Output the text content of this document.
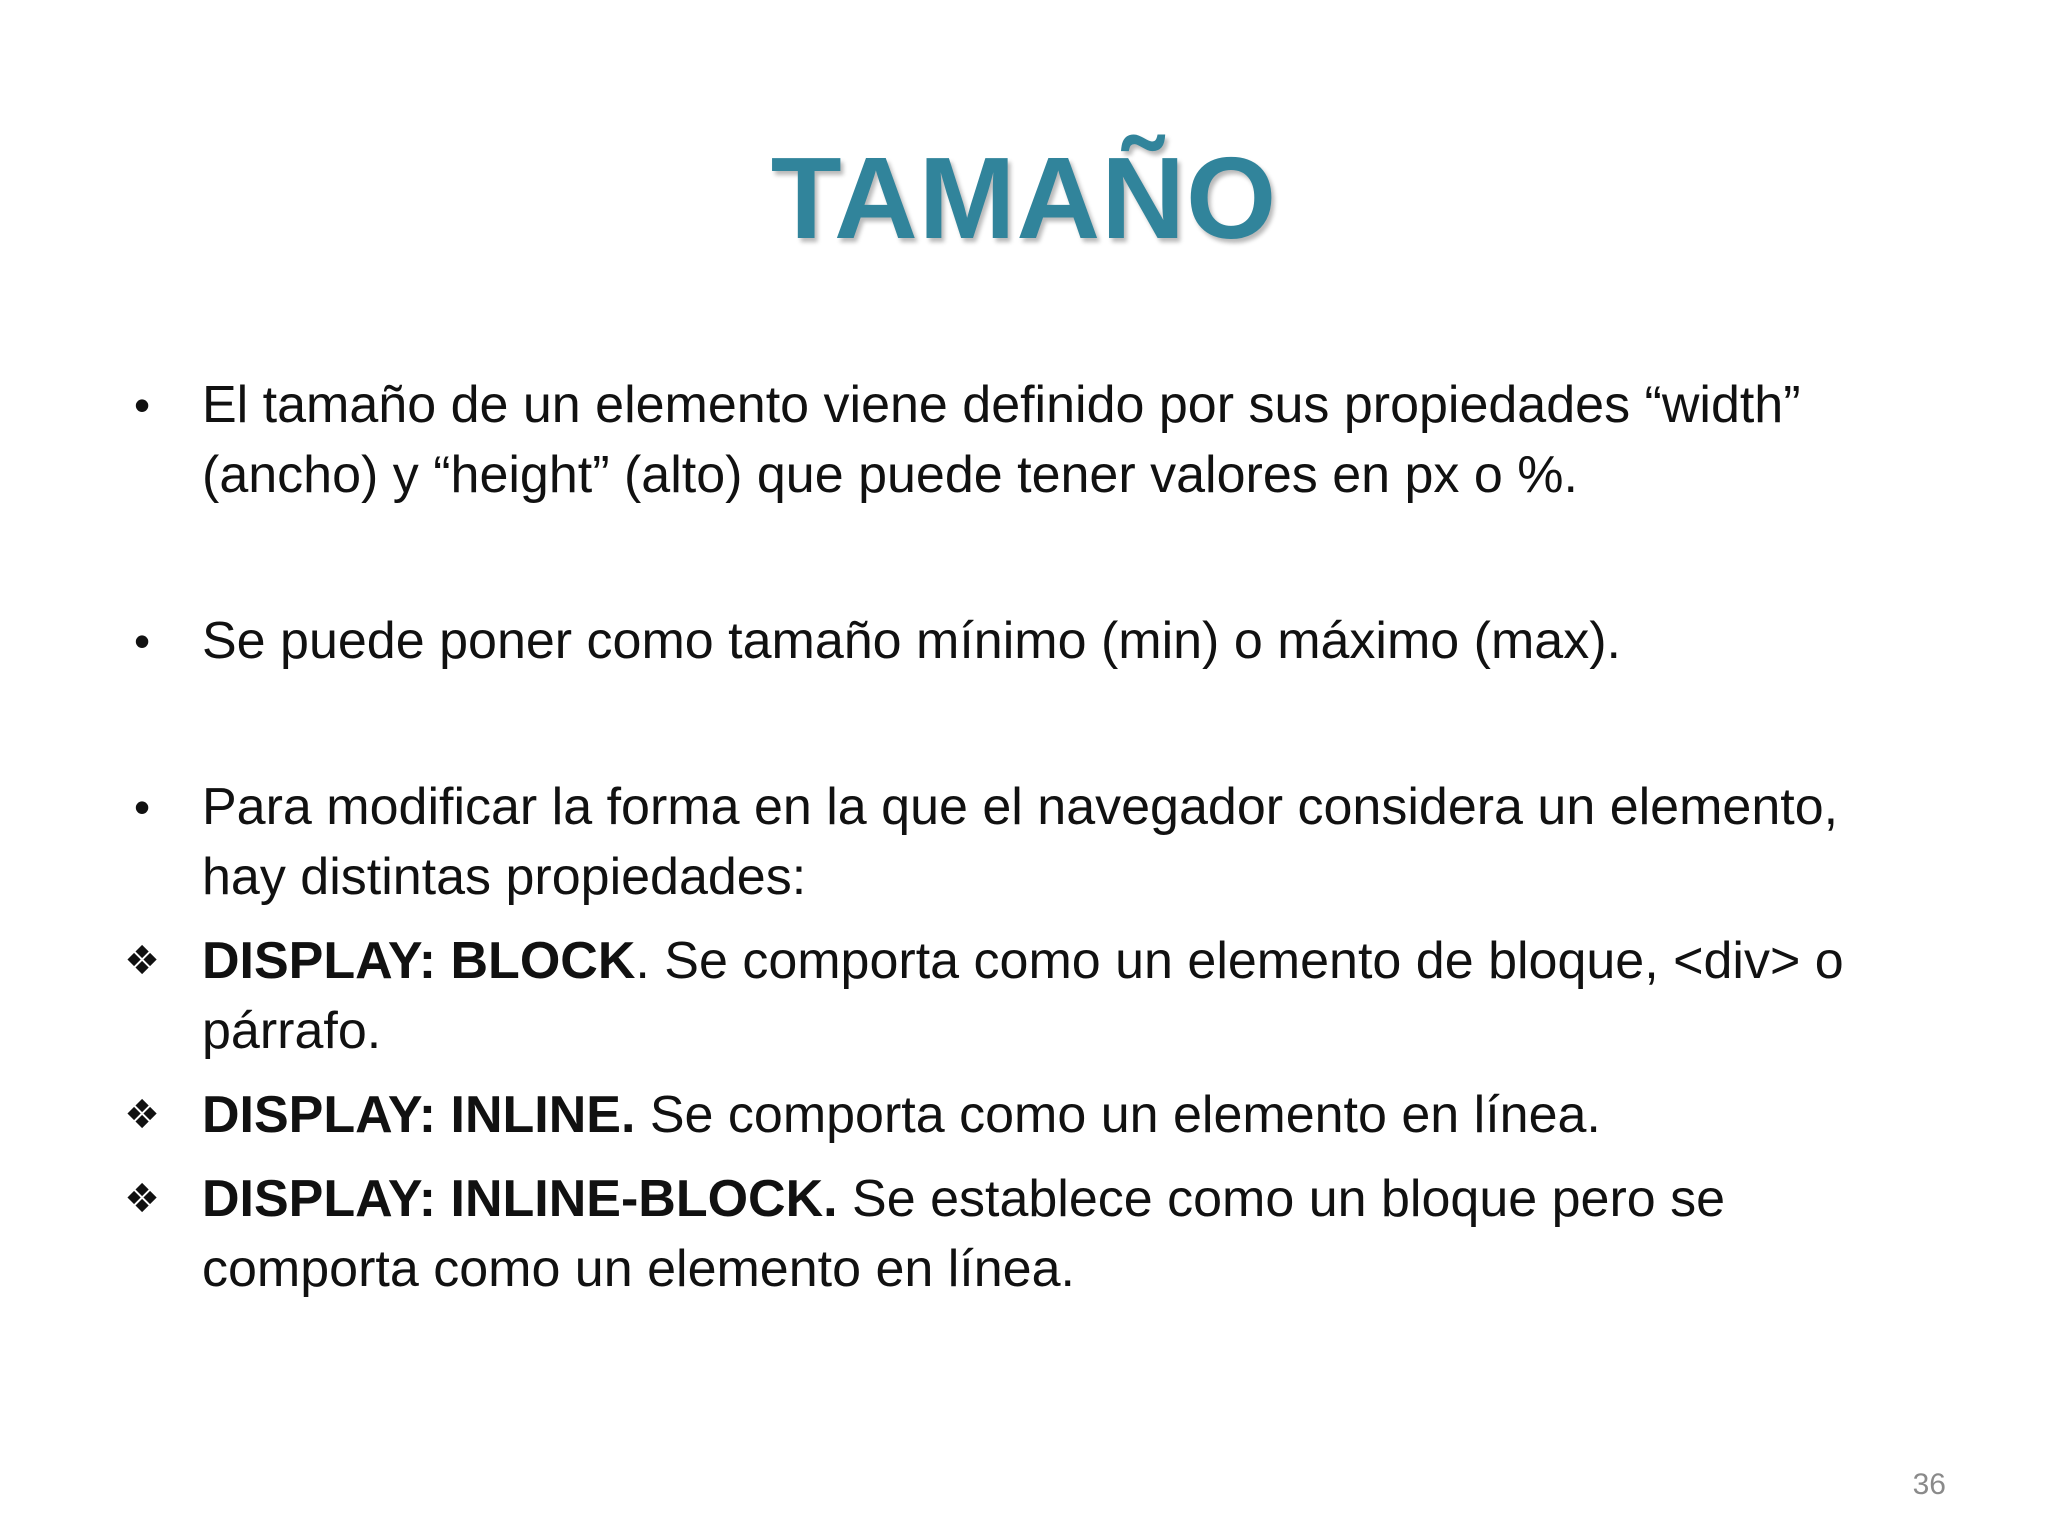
TAMAÑO
• El tamaño de un elemento viene definido por sus propiedades “width” (ancho) y “height” (alto) que puede tener valores en px o %.
• Se puede poner como tamaño mínimo (min) o máximo (max).
• Para modificar la forma en la que el navegador considera un elemento, hay distintas propiedades:
❖ DISPLAY: BLOCK. Se comporta como un elemento de bloque, <div> o párrafo.
❖ DISPLAY: INLINE. Se comporta como un elemento en línea.
❖ DISPLAY: INLINE-BLOCK. Se establece como un bloque pero se comporta como un elemento en línea.
36
